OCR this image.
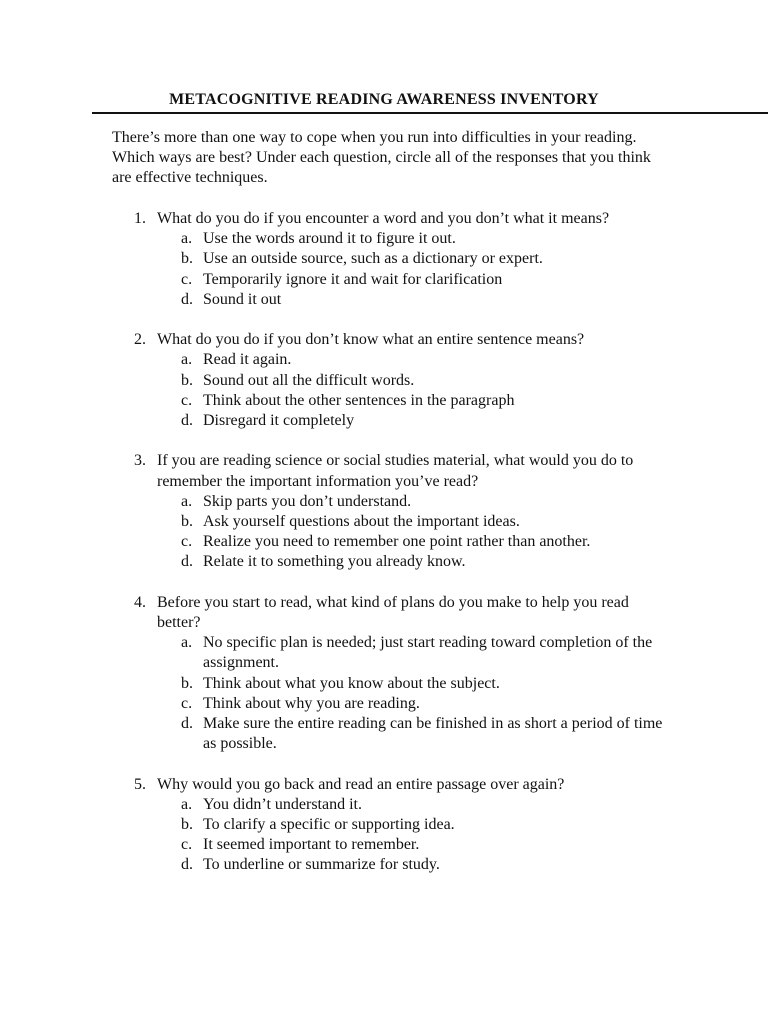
METACOGNITIVE READING AWARENESS INVENTORY

There’s more than one way to cope when you run into difficulties in your reading. Which ways are best? Under each question, circle all of the responses that you think are effective techniques.

1. What do you do if you encounter a word and you don’t what it means?

a. Use the words around it to figure it out.
b. Use an outside source, such as a dictionary or expert.
c. Temporarily ignore it and wait for clarification
d. Sound it out

2. What do you do if you don’t know what an entire sentence means?

a. Read it again.
b. Sound out all the difficult words.
c. Think about the other sentences in the paragraph
d. Disregard it completely

3. If you are reading science or social studies material, what would you do to remember the important information you’ve read?

a. Skip parts you don’t understand.
b. Ask yourself questions about the important ideas.
c. Realize you need to remember one point rather than another.
d. Relate it to something you already know.

4. Before you start to read, what kind of plans do you make to help you read better?

a. No specific plan is needed; just start reading toward completion of the assignment.
b. Think about what you know about the subject.
c. Think about why you are reading.
d. Make sure the entire reading can be finished in as short a period of time as possible.

5. Why would you go back and read an entire passage over again?

a. You didn’t understand it.
b. To clarify a specific or supporting idea.
c. It seemed important to remember.
d. To underline or summarize for study.
